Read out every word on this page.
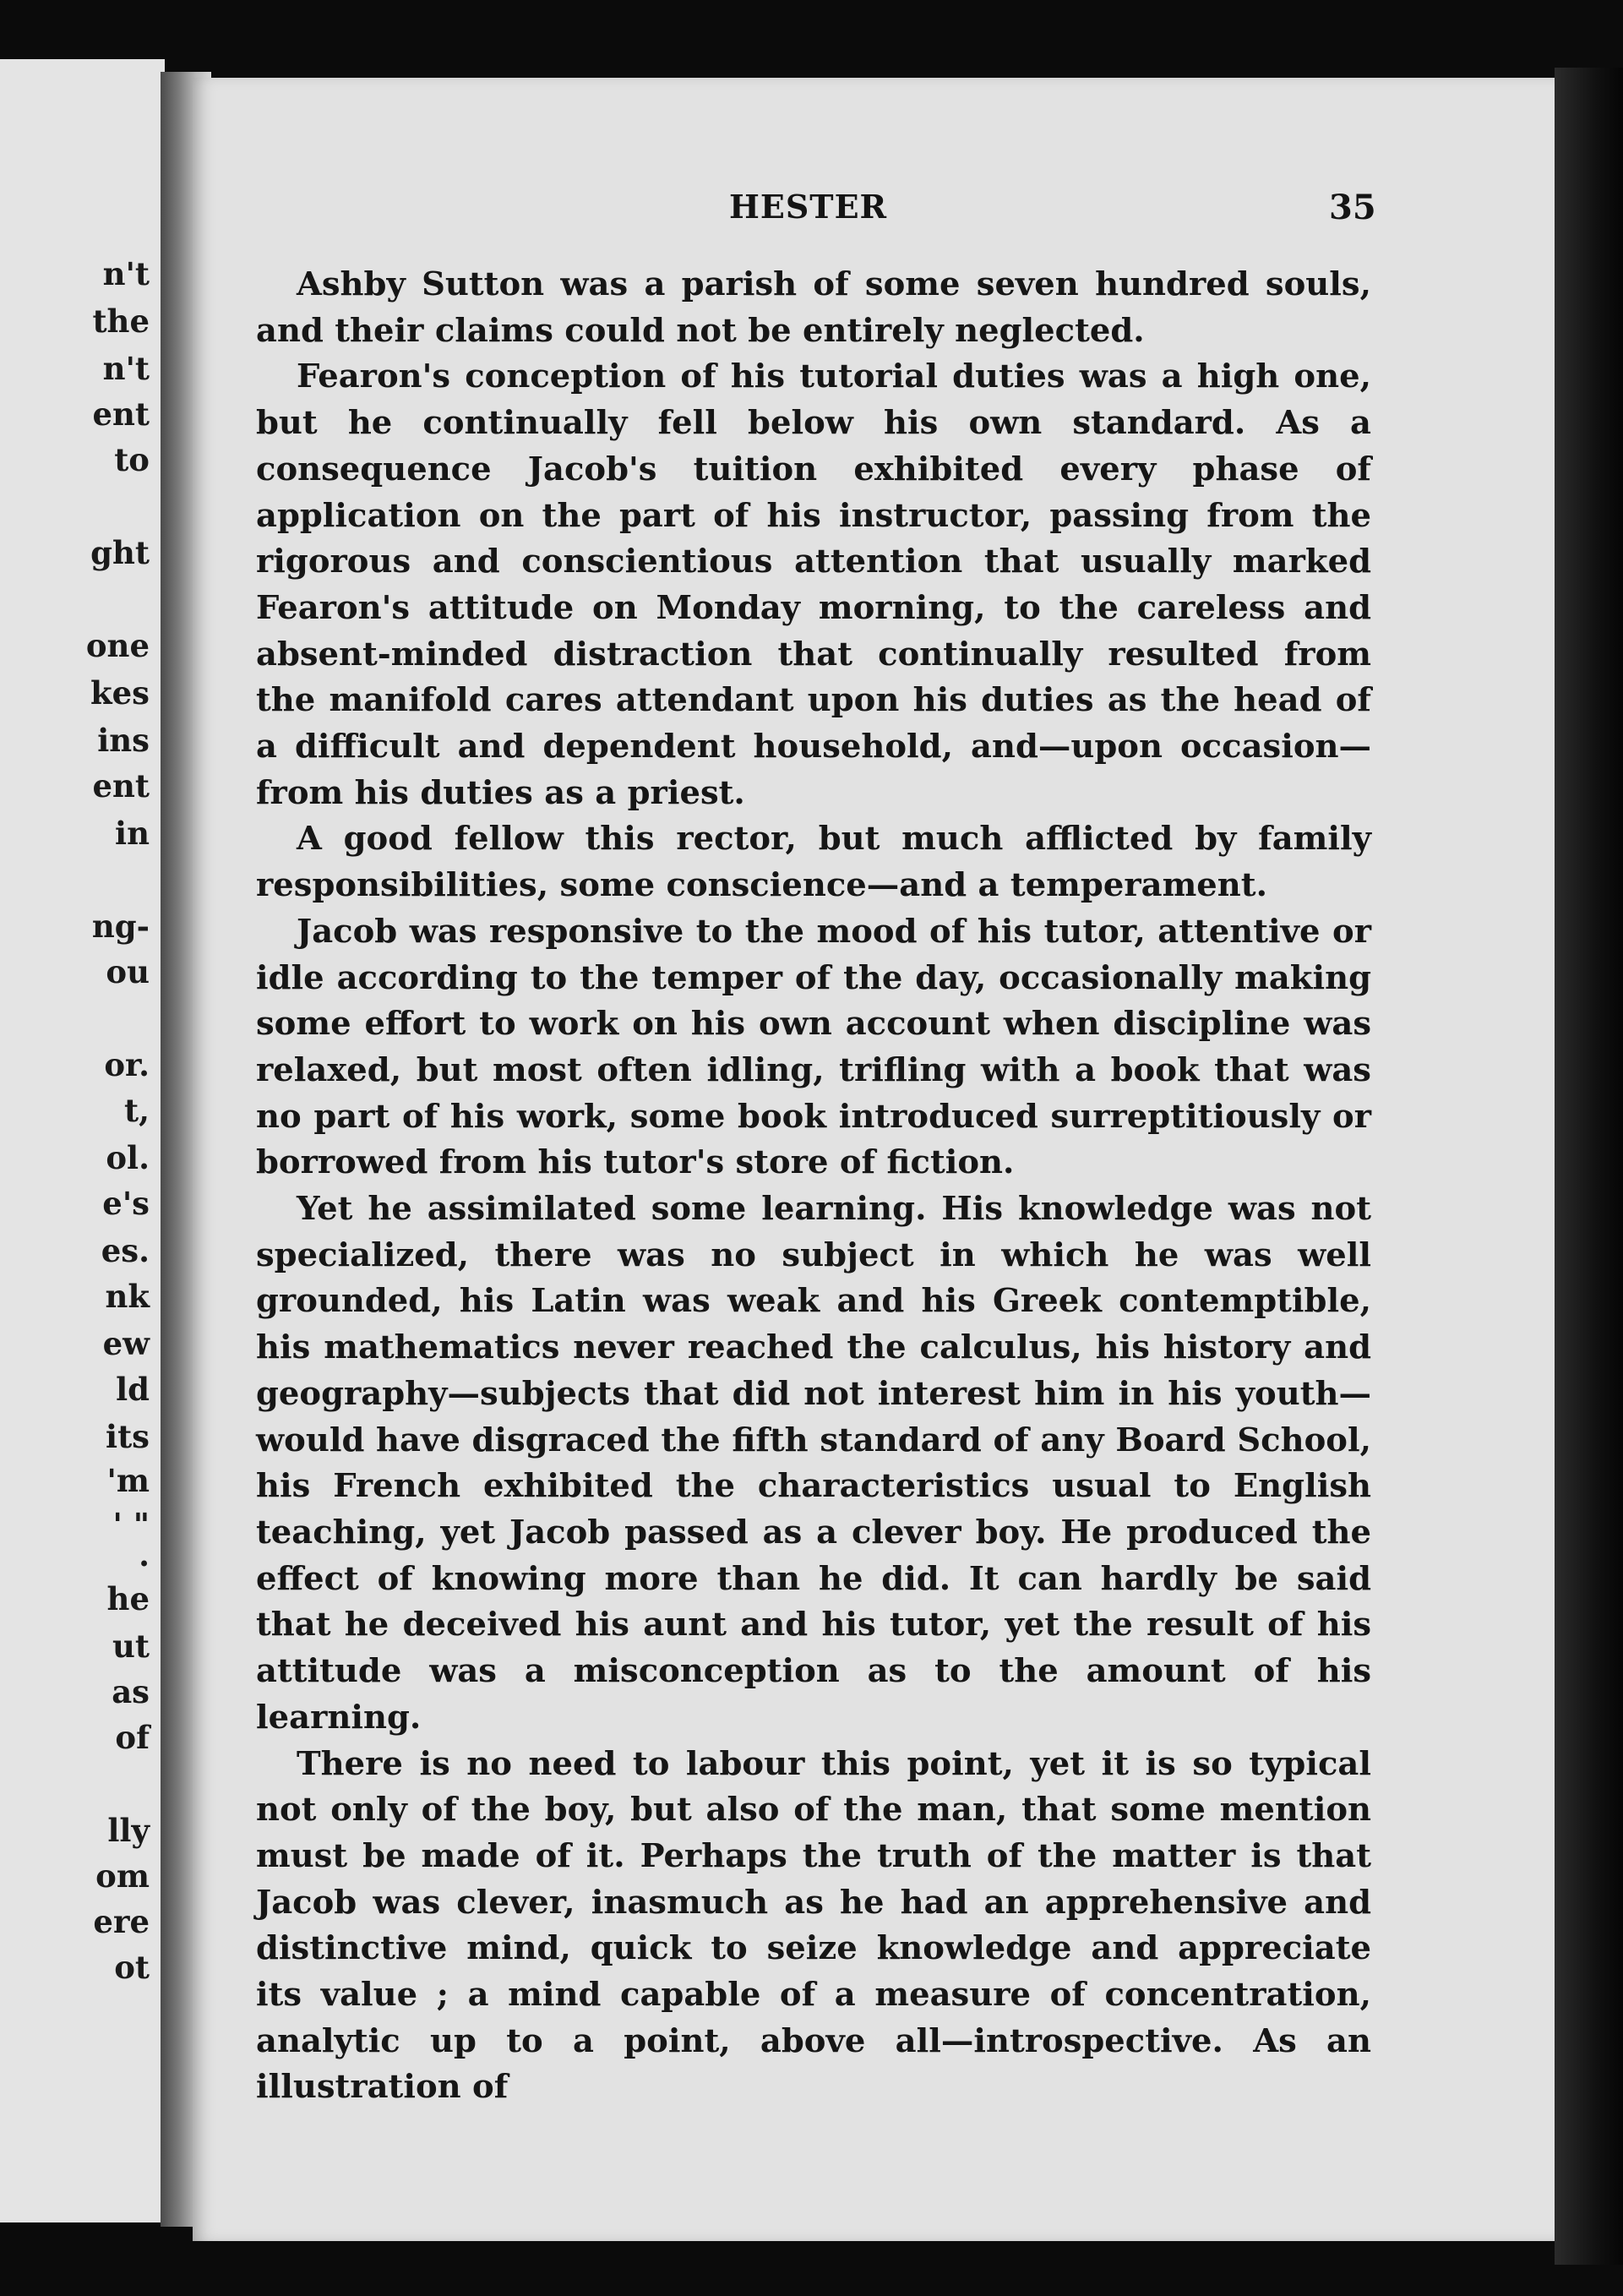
n't
the
n't
ent
to
ght
one
kes
ins
ent
in
ng-
ou
or.
t,
ol.
e's
es.
nk
ew
ld
its
'm
' "
.
he
ut
as
of
lly
om
ere
ot
HESTER	35

Ashby Sutton was a parish of some seven hundred souls, and their claims could not be entirely neglected.

Fearon's conception of his tutorial duties was a high one, but he continually fell below his own standard. As a consequence Jacob's tuition exhibited every phase of application on the part of his instructor, passing from the rigorous and conscientious attention that usually marked Fearon's attitude on Monday morning, to the careless and absent-minded distraction that continually resulted from the manifold cares attendant upon his duties as the head of a difficult and dependent household, and—upon occasion—from his duties as a priest.

A good fellow this rector, but much afflicted by family responsibilities, some conscience—and a temperament.

Jacob was responsive to the mood of his tutor, attentive or idle according to the temper of the day, occasionally making some effort to work on his own account when discipline was relaxed, but most often idling, trifling with a book that was no part of his work, some book introduced surreptitiously or borrowed from his tutor's store of fiction.

Yet he assimilated some learning. His knowledge was not specialized, there was no subject in which he was well grounded, his Latin was weak and his Greek contemptible, his mathematics never reached the calculus, his history and geography—subjects that did not interest him in his youth—would have disgraced the fifth standard of any Board School, his French exhibited the characteristics usual to English teaching, yet Jacob passed as a clever boy. He produced the effect of knowing more than he did. It can hardly be said that he deceived his aunt and his tutor, yet the result of his attitude was a misconception as to the amount of his learning.

There is no need to labour this point, yet it is so typical not only of the boy, but also of the man, that some mention must be made of it. Perhaps the truth of the matter is that Jacob was clever, inasmuch as he had an apprehensive and distinctive mind, quick to seize knowledge and appreciate its value ; a mind capable of a measure of concentration, analytic up to a point, above all—introspective. As an illustration of
